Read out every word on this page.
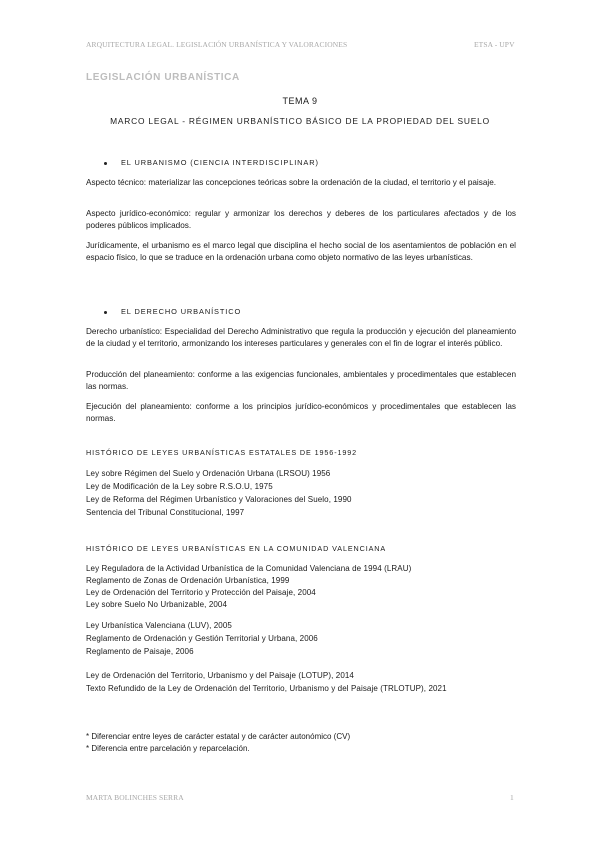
ARQUITECTURA LEGAL. LEGISLACIÓN URBANÍSTICA Y VALORACIONES	ETSA - UPV
LEGISLACIÓN URBANÍSTICA
TEMA 9
MARCO LEGAL - RÉGIMEN URBANÍSTICO BÁSICO DE LA PROPIEDAD DEL SUELO
EL URBANISMO (CIENCIA INTERDISCIPLINAR)
Aspecto técnico: materializar las concepciones teóricas sobre la ordenación de la ciudad, el territorio y el paisaje.
Aspecto jurídico-económico: regular y armonizar los derechos y deberes de los particulares afectados y de los poderes públicos implicados.
Jurídicamente, el urbanismo es el marco legal que disciplina el hecho social de los asentamientos de población en el espacio físico, lo que se traduce en la ordenación urbana como objeto normativo de las leyes urbanísticas.
EL DERECHO URBANÍSTICO
Derecho urbanístico: Especialidad del Derecho Administrativo que regula la producción y ejecución del planeamiento de la ciudad y el territorio, armonizando los intereses particulares y generales con el fin de lograr el interés público.
Producción del planeamiento: conforme a las exigencias funcionales, ambientales y procedimentales que establecen las normas.
Ejecución del planeamiento: conforme a los principios jurídico-económicos y procedimentales que establecen las normas.
HISTÓRICO DE LEYES URBANÍSTICAS ESTATALES DE 1956-1992
Ley sobre Régimen del Suelo y Ordenación Urbana (LRSOU) 1956
Ley de Modificación de la Ley sobre R.S.O.U, 1975
Ley de Reforma del Régimen Urbanístico y Valoraciones del Suelo, 1990
Sentencia del Tribunal Constitucional, 1997
HISTÓRICO DE LEYES URBANÍSTICAS EN LA COMUNIDAD VALENCIANA
Ley Reguladora de la Actividad Urbanística de la Comunidad Valenciana de 1994 (LRAU)
Reglamento de Zonas de Ordenación Urbanística, 1999
Ley de Ordenación del Territorio y Protección del Paisaje, 2004
Ley sobre Suelo No Urbanizable, 2004
Ley Urbanística Valenciana (LUV), 2005
Reglamento de Ordenación y Gestión Territorial y Urbana, 2006
Reglamento de Paisaje, 2006
Ley de Ordenación del Territorio, Urbanismo y del Paisaje (LOTUP), 2014
Texto Refundido de la Ley de Ordenación del Territorio, Urbanismo y del Paisaje (TRLOTUP), 2021
* Diferenciar entre leyes de carácter estatal y de carácter autonómico (CV)
* Diferencia entre parcelación y reparcelación.
MARTA BOLINCHES SERRA	1
